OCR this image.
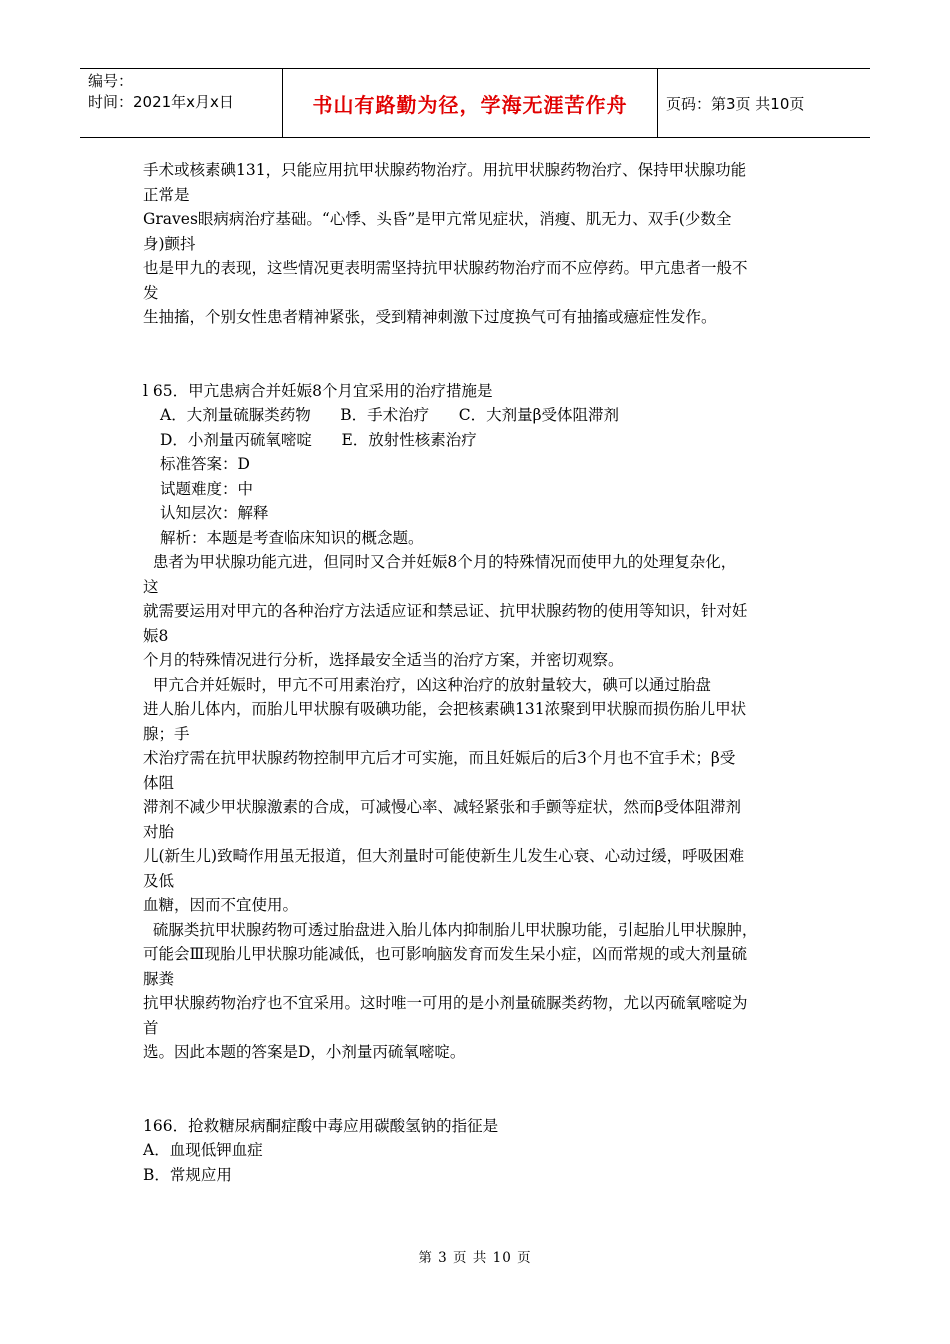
编号：
时间：2021年x月x日	书山有路勤为径，学海无涯苦作舟	页码：第3页 共10页

手术或核素碘131，只能应用抗甲状腺药物治疗。用抗甲状腺药物治疗、保持甲状腺功能

正常是

Graves眼病病治疗基础。“心悸、头昏”是甲亢常见症状，消瘦、肌无力、双手(少数全

身)颤抖

也是甲九的表现，这些情况更表明需坚持抗甲状腺药物治疗而不应停药。甲亢患者一般不

发

生抽搐，个别女性患者精神紧张，受到精神刺激下过度换气可有抽搐或癔症性发作。

l 65．甲亢患病合并妊娠8个月宜采用的治疗措施是

A．大剂量硫脲类药物      B．手术治疗      C．大剂量β受体阻滞剂

D．小剂量丙硫氧嘧啶      E．放射性核素治疗

标准答案：D

试题难度：中

认知层次：解释

解析：本题是考查临床知识的概念题。

患者为甲状腺功能亢进，但同时又合并妊娠8个月的特殊情况而使甲九的处理复杂化，

这

就需要运用对甲亢的各种治疗方法适应证和禁忌证、抗甲状腺药物的使用等知识，针对妊

娠8

个月的特殊情况进行分析，选择最安全适当的治疗方案，并密切观察。

甲亢合并妊娠时，甲亢不可用素治疗，凶这种治疗的放射量较大，碘可以通过胎盘

进人胎儿体内，而胎儿甲状腺有吸碘功能，会把核素碘131浓聚到甲状腺而损伤胎儿甲状

腺；手

术治疗需在抗甲状腺药物控制甲亢后才可实施，而且妊娠后的后3个月也不宜手术；β受

体阻

滞剂不减少甲状腺激素的合成，可减慢心率、减轻紧张和手颤等症状，然而β受体阻滞剂

对胎

儿(新生儿)致畸作用虽无报道，但大剂量时可能使新生儿发生心衰、心动过缓，呼吸困难

及低

血糖，因而不宜使用。

硫脲类抗甲状腺药物可透过胎盘进入胎儿体内抑制胎儿甲状腺功能，引起胎儿甲状腺肿，

可能会Ⅲ现胎儿甲状腺功能减低，也可影响脑发育而发生呆小症，凶而常规的或大剂量硫

脲粪

抗甲状腺药物治疗也不宜采用。这时唯一可用的是小剂量硫脲类药物，尤以丙硫氧嘧啶为

首

选。因此本题的答案是D，小剂量丙硫氧嘧啶。

166．抢救糖尿病酮症酸中毒应用碳酸氢钠的指征是

A．血现低钾血症

B．常规应用

第 3 页 共 10 页
